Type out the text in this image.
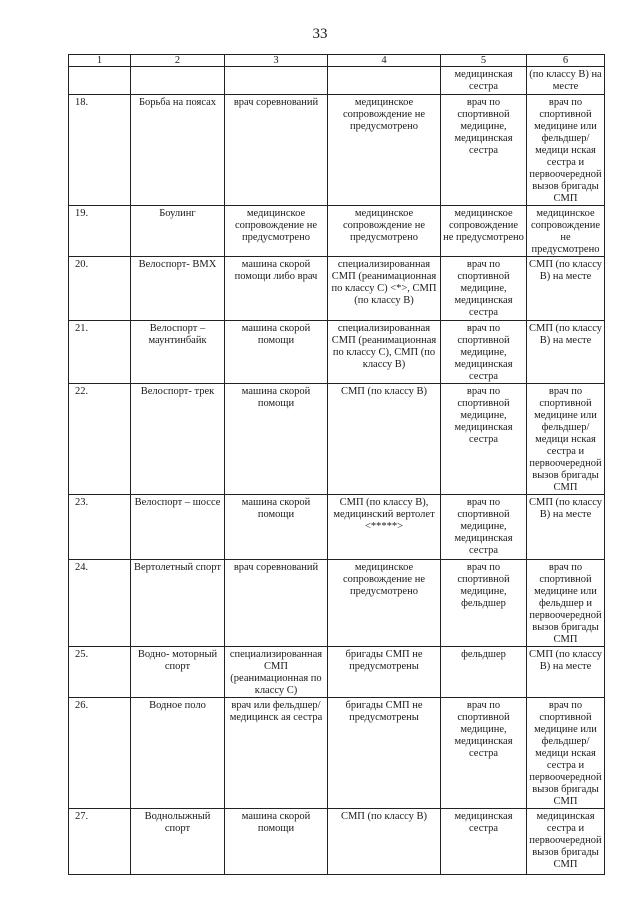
33
1	2	3	4	5	6
				медицинская сестра	(по классу В) на месте
18.	Борьба на поясах	врач соревнований	медицинское сопровождение не предусмотрено	врач по спортивной медицине, медицинская сестра	врач по спортивной медицине или фельдшер/медици нская сестра и первоочередной вызов бригады СМП
19.	Боулинг	медицинское сопровождение не предусмотрено	медицинское сопровождение не предусмотрено	медицинское сопровождение не предусмотрено	медицинское сопровождение не предусмотрено
20.	Велоспорт- BMX	машина скорой помощи либо врач	специализированная СМП (реанимационная по классу С) <*>, СМП (по классу В)	врач по спортивной медицине, медицинская сестра	СМП (по классу В) на месте
21.	Велоспорт – маунтинбайк	машина скорой помощи	специализированная СМП (реанимационная по классу С), СМП (по классу В)	врач по спортивной медицине, медицинская сестра	СМП (по классу В) на месте
22.	Велоспорт- трек	машина скорой помощи	СМП (по классу В)	врач по спортивной медицине, медицинская сестра	врач по спортивной медицине или фельдшер/медици нская сестра и первоочередной вызов бригады СМП
23.	Велоспорт – шоссе	машина скорой помощи	СМП (по классу В), медицинский вертолет <*****>	врач по спортивной медицине, медицинская сестра	СМП (по классу В) на месте
24.	Вертолетный спорт	врач соревнований	медицинское сопровождение не предусмотрено	врач по спортивной медицине, фельдшер	врач по спортивной медицине или фельдшер и первоочередной вызов бригады СМП
25.	Водно- моторный спорт	специализированная СМП (реанимационная по классу С)	бригады СМП не предусмотрены	фельдшер	СМП (по классу В) на месте
26.	Водное поло	врач или фельдшер/медицинск ая сестра	бригады СМП не предусмотрены	врач по спортивной медицине, медицинская сестра	врач по спортивной медицине или фельдшер/медици нская сестра и первоочередной вызов бригады СМП
27.	Воднолыжный спорт	машина скорой помощи	СМП (по классу В)	медицинская сестра	медицинская сестра и первоочередной вызов бригады СМП
